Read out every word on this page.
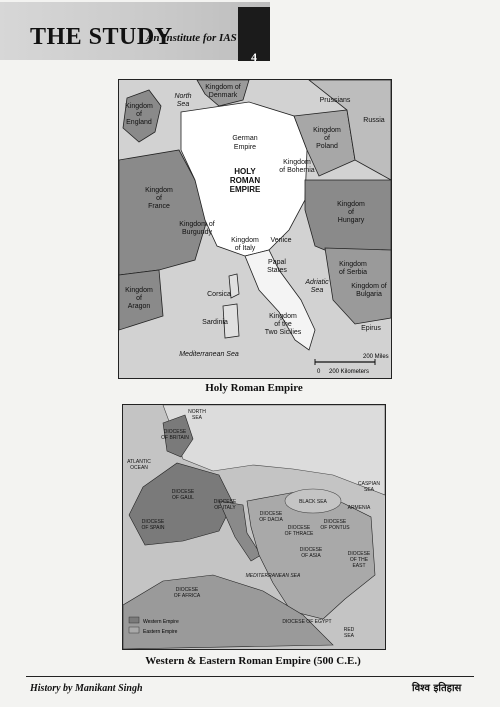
THE STUDY
An Institute for IAS
4
Kingdom of Denmark
North Sea
Kingdom of England
Prussians
Russia
German Empire
Kingdom of Poland
HOLY ROMAN EMPIRE
Kingdom of Bohemia
Kingdom of France	Kingdom of Hungary
Kingdom of Burgundy
Kingdom of Italy
Venice
Papal States
Kingdom of Serbia
Adriatic Sea
Kingdom of Bulgaria
Kingdom of Aragon
Corsica
Sardinia
Kingdom of the Two Sicilies
Epirus
Mediterranean Sea
0
200 Miles
200 Kilometers
Holy Roman Empire
Western Empire
Eastern Empire
NORTH SEA
DIOCESE OF BRITAIN
ATLANTIC OCEAN
DIOCESE OF GAUL
DIOCESE OF SPAIN
DIOCESE OF ITALY
DIOCESE OF DACIA
DIOCESE OF THRACE
DIOCESE OF PONTUS
DIOCESE OF ASIA
ARMENIA
CASPIAN SEA
BLACK SEA
DIOCESE OF THE EAST
DIOCESE OF AFRICA
DIOCESE OF EGYPT
MEDITERRANEAN SEA
RED SEA
Western & Eastern Roman Empire (500 C.E.)
History by Manikant Singh	विश्व इतिहास
